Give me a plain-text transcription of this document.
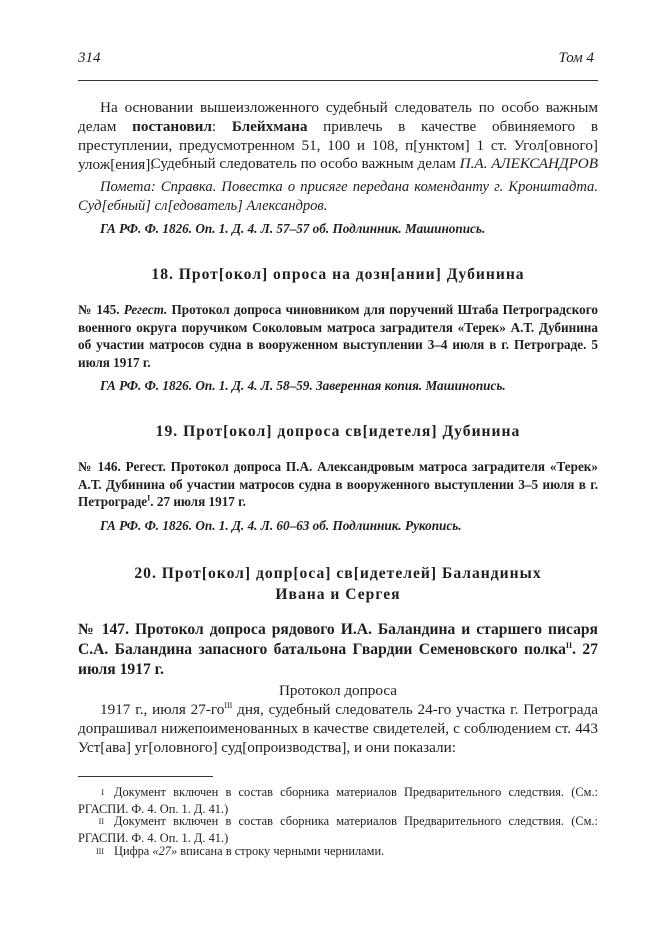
314	Том 4
На основании вышеизложенного судебный следователь по особо важным делам постановил: Блейхмана привлечь в качестве обвиняемого в преступлении, предусмотренном 51, 100 и 108, п[унктом] 1 ст. Угол[овного] улож[ения].
Судебный следователь по особо важным делам П.А. АЛЕКСАНДРОВ
Помета: Справка. Повестка о присяге передана коменданту г. Кронштадта. Суд[ебный] сл[едователь] Александров.
ГА РФ. Ф. 1826. Оп. 1. Д. 4. Л. 57–57 об. Подлинник. Машинопись.
18. Прот[окол] опроса на дозн[ании] Дубинина
№ 145. Регест. Протокол допроса чиновником для поручений Штаба Петроградского военного округа поручиком Соколовым матроса заградителя «Терек» А.Т. Дубинина об участии матросов судна в вооруженном выступлении 3–4 июля в г. Петрограде. 5 июля 1917 г.
ГА РФ. Ф. 1826. Оп. 1. Д. 4. Л. 58–59. Заверенная копия. Машинопись.
19. Прот[окол] допроса св[идетеля] Дубинина
№ 146. Регест. Протокол допроса П.А. Александровым матроса заградителя «Терек» А.Т. Дубинина об участии матросов судна в вооруженного выступлении 3–5 июля в г. Петрограде$^I$. 27 июля 1917 г.
ГА РФ. Ф. 1826. Оп. 1. Д. 4. Л. 60–63 об. Подлинник. Рукопись.
20. Прот[окол] допр[оса] св[идетелей] Баландиных
Ивана и Сергея
№ 147. Протокол допроса рядового И.А. Баландина и старшего писаря С.А. Баландина запасного батальона Гвардии Семеновского полка$^{II}$. 27 июля 1917 г.
Протокол допроса
1917 г., июля $27-го^{III}$ дня, судебный следователь 24-го участка г. Петрограда допрашивал нижепоименованных в качестве свидетелей, с соблюдением ст. 443 Уст[ава] уг[оловного] суд[опроизводства], и они показали:
I Документ включен в состав сборника материалов Предварительного следствия. (См.: РГАСПИ. Ф. 4. Оп. 1. Д. 41.)
II Документ включен в состав сборника материалов Предварительного следствия. (См.: РГАСПИ. Ф. 4. Оп. 1. Д. 41.)
III Цифра «27» вписана в строку черными чернилами.
